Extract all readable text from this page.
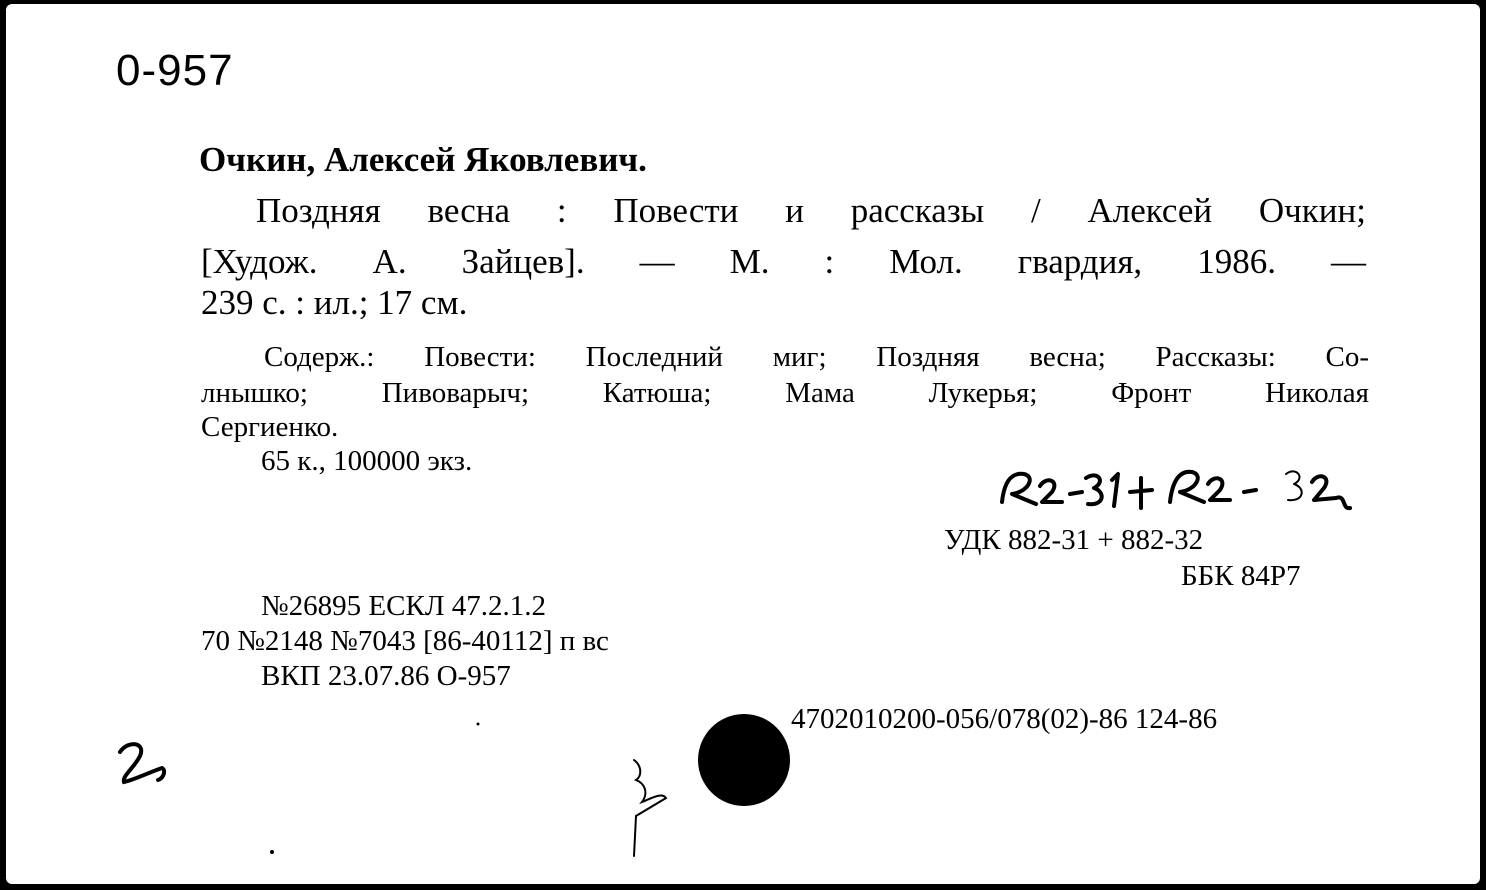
0-957
Очкин, Алексей Яковлевич.
Поздняя весна : Повести и рассказы / Алексей Очкин;
[Худож. А. Зайцев]. — М. : Мол. гвардия, 1986. —
239 с. : ил.; 17 см.
Содерж.: Повести: Последний миг; Поздняя весна; Рассказы: Со-
лнышко;	Пивоварыч;	Катюша;	Мама	Лукерья;	Фронт	Николая
Сергиенко.
65 к., 100000 экз.
УДК 882-31 + 882-32
ББК 84Р7
№26895 ЕСКЛ 47.2.1.2
70 №2148 №7043 [86-40112] п вс
ВКП 23.07.86 О-957
4702010200-056/078(02)-86 124-86
